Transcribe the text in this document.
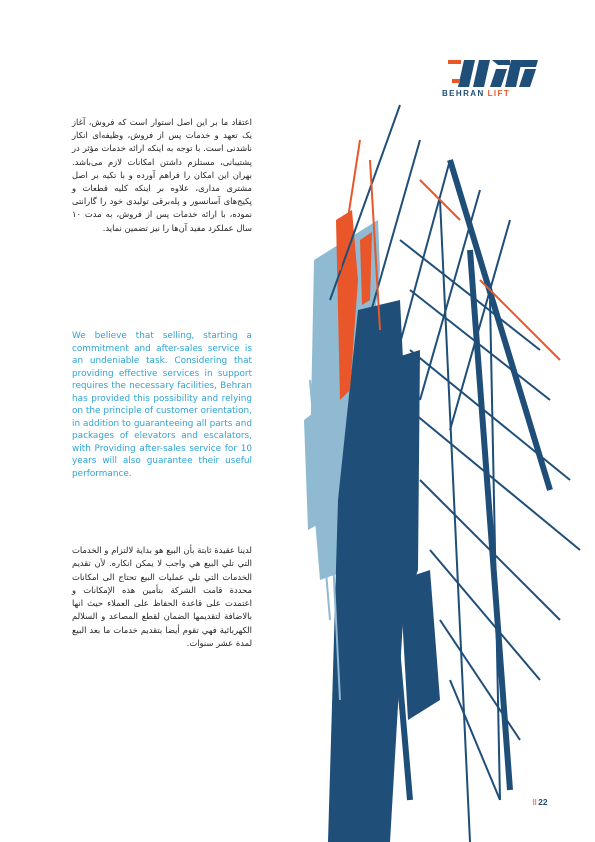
BEHRAN LIFT
اعتقاد ما بر این اصل استوار است که فروش، آغاز یک تعهد و خدمات پس از فروش، وظیفه‌ای انکار ناشدنی است. با توجه به اینکه ارائه خدمات مؤثر در پشتیبانی، مستلزم داشتن امکانات لازم می‌باشد. بهران این امکان را فراهم آورده و با تکیه بر اصل مشتری مداری، علاوه بر اینکه کلیه قطعات و پکیج‌های آسانسور و پله‌برقی تولیدی خود را گارانتی نموده، با ارائه خدمات پس از فروش، به مدت ۱۰ سال عملکرد مفید آن‌ها را نیز تضمین نماید.
We believe that selling, starting a commitment and after-sales service is an undeniable task. Considering that providing effective services in support requires the necessary facilities, Behran has provided this possibility and relying on the principle of customer orientation, in addition to guaranteeing all parts and packages of elevators and escalators, with Providing after-sales service for 10 years will also guarantee their useful performance.
لدينا عقيدة ثابتة بأن البيع هو بداية لالتزام و الخدمات التي تلي البيع هي واجب لا يمكن انكاره. لأن تقديم الخدمات التي تلي عمليات البيع تحتاج الى امكانات محددة قامت الشركة بتأمين هذه الإمكانات و اعتمدت على قاعدة الحفاظ على العملاء حيث انها بالاضافة لتقديمها الضمان لقطع المصاعد و السلالم الكهربائية فهي تقوم أيضا بتقديم خدمات ما بعد البيع لمدة عشر سنوات.
⠿ 22
